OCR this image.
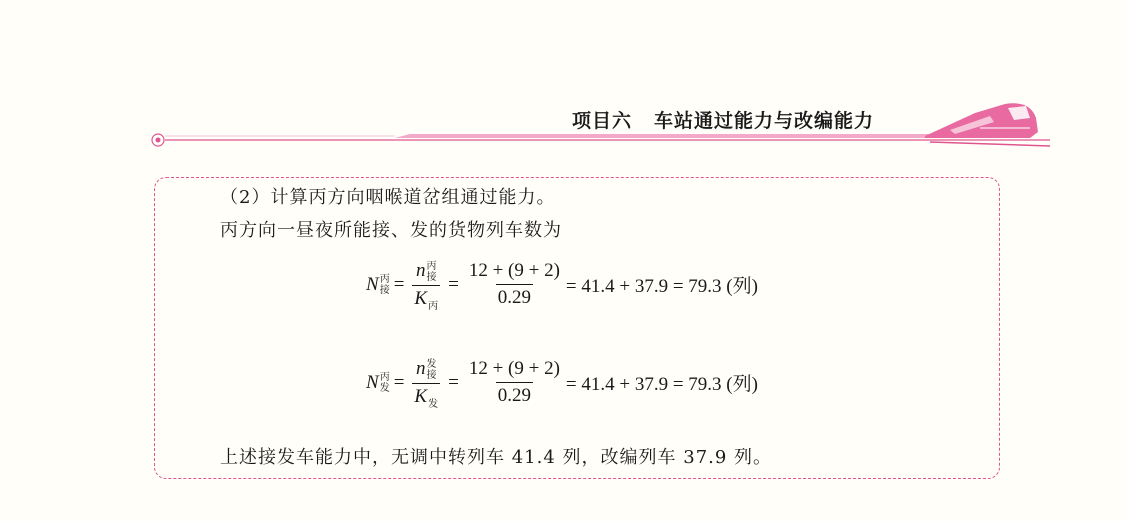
项目六 车站通过能力与改编能力
（2）计算丙方向咽喉道岔组通过能力。
丙方向一昼夜所能接、发的货物列车数为
N 丙
接 = n 丙
接
$K_丙 = \frac{12 + (9 + 2)}{0.29} = 41.4 + 37.9 = 79.3$ (列)
N 丙
发 = n 发
接
$K_发 = \frac{12 + (9 + 2)}{0.29} = 41.4 + 37.9 = 79.3$ (列)
上述接发车能力中，无调中转列车 41.4 列，改编列车 37.9 列。
